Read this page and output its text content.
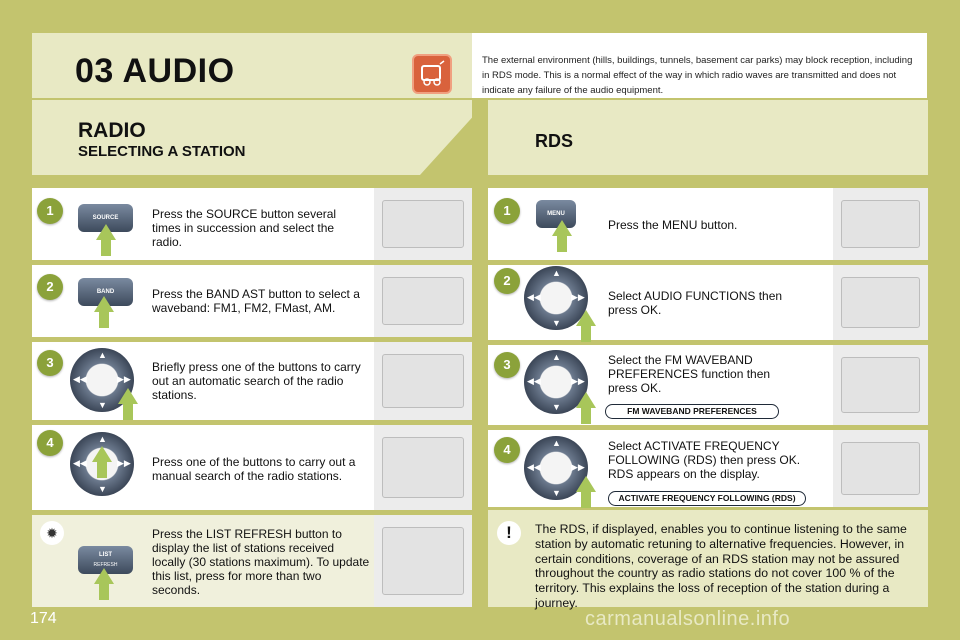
03 AUDIO	The external environment (hills, buildings, tunnels, basement car parks) may block reception, including in RDS mode. This is a normal effect of the way in which radio waves are transmitted and does not indicate any failure of the audio equipment.
RADIO
SELECTING A STATION
RDS
Press the SOURCE button several times in succession and select the radio.
1	SOURCE
Press the BAND AST button to select a waveband: FM1, FM2, FMast, AM.
2	BAND
Briefly press one of the buttons to carry out an automatic search of the radio stations.
3	▲
▼
◀◀	▶▶
Press one of the buttons to carry out a manual search of the radio stations.
4	▲
▼
◀◀	▶▶
Press the LIST REFRESH button to display the list of stations received locally (30 stations maximum). To update this list, press for more than two seconds.
✹
LIST
REFRESH
Press the MENU button.
1	MENU
Select AUDIO FUNCTIONS then press OK.
2	▲
▼
◀◀	▶▶
Select the FM WAVEBAND PREFERENCES function then press OK.
3	▲
▼
◀◀	▶▶
FM WAVEBAND PREFERENCES
Select ACTIVATE FREQUENCY FOLLOWING (RDS) then press OK. RDS appears on the display.
4	▲
▼
◀◀	▶▶
ACTIVATE FREQUENCY FOLLOWING (RDS)
!	The RDS, if displayed, enables you to continue listening to the same station by automatic retuning to alternative frequencies. However, in certain conditions, coverage of an RDS station may not be assured throughout the country as radio stations do not cover 100 % of the territory. This explains the loss of reception of the station during a journey.
174	carmanualsonline.info
